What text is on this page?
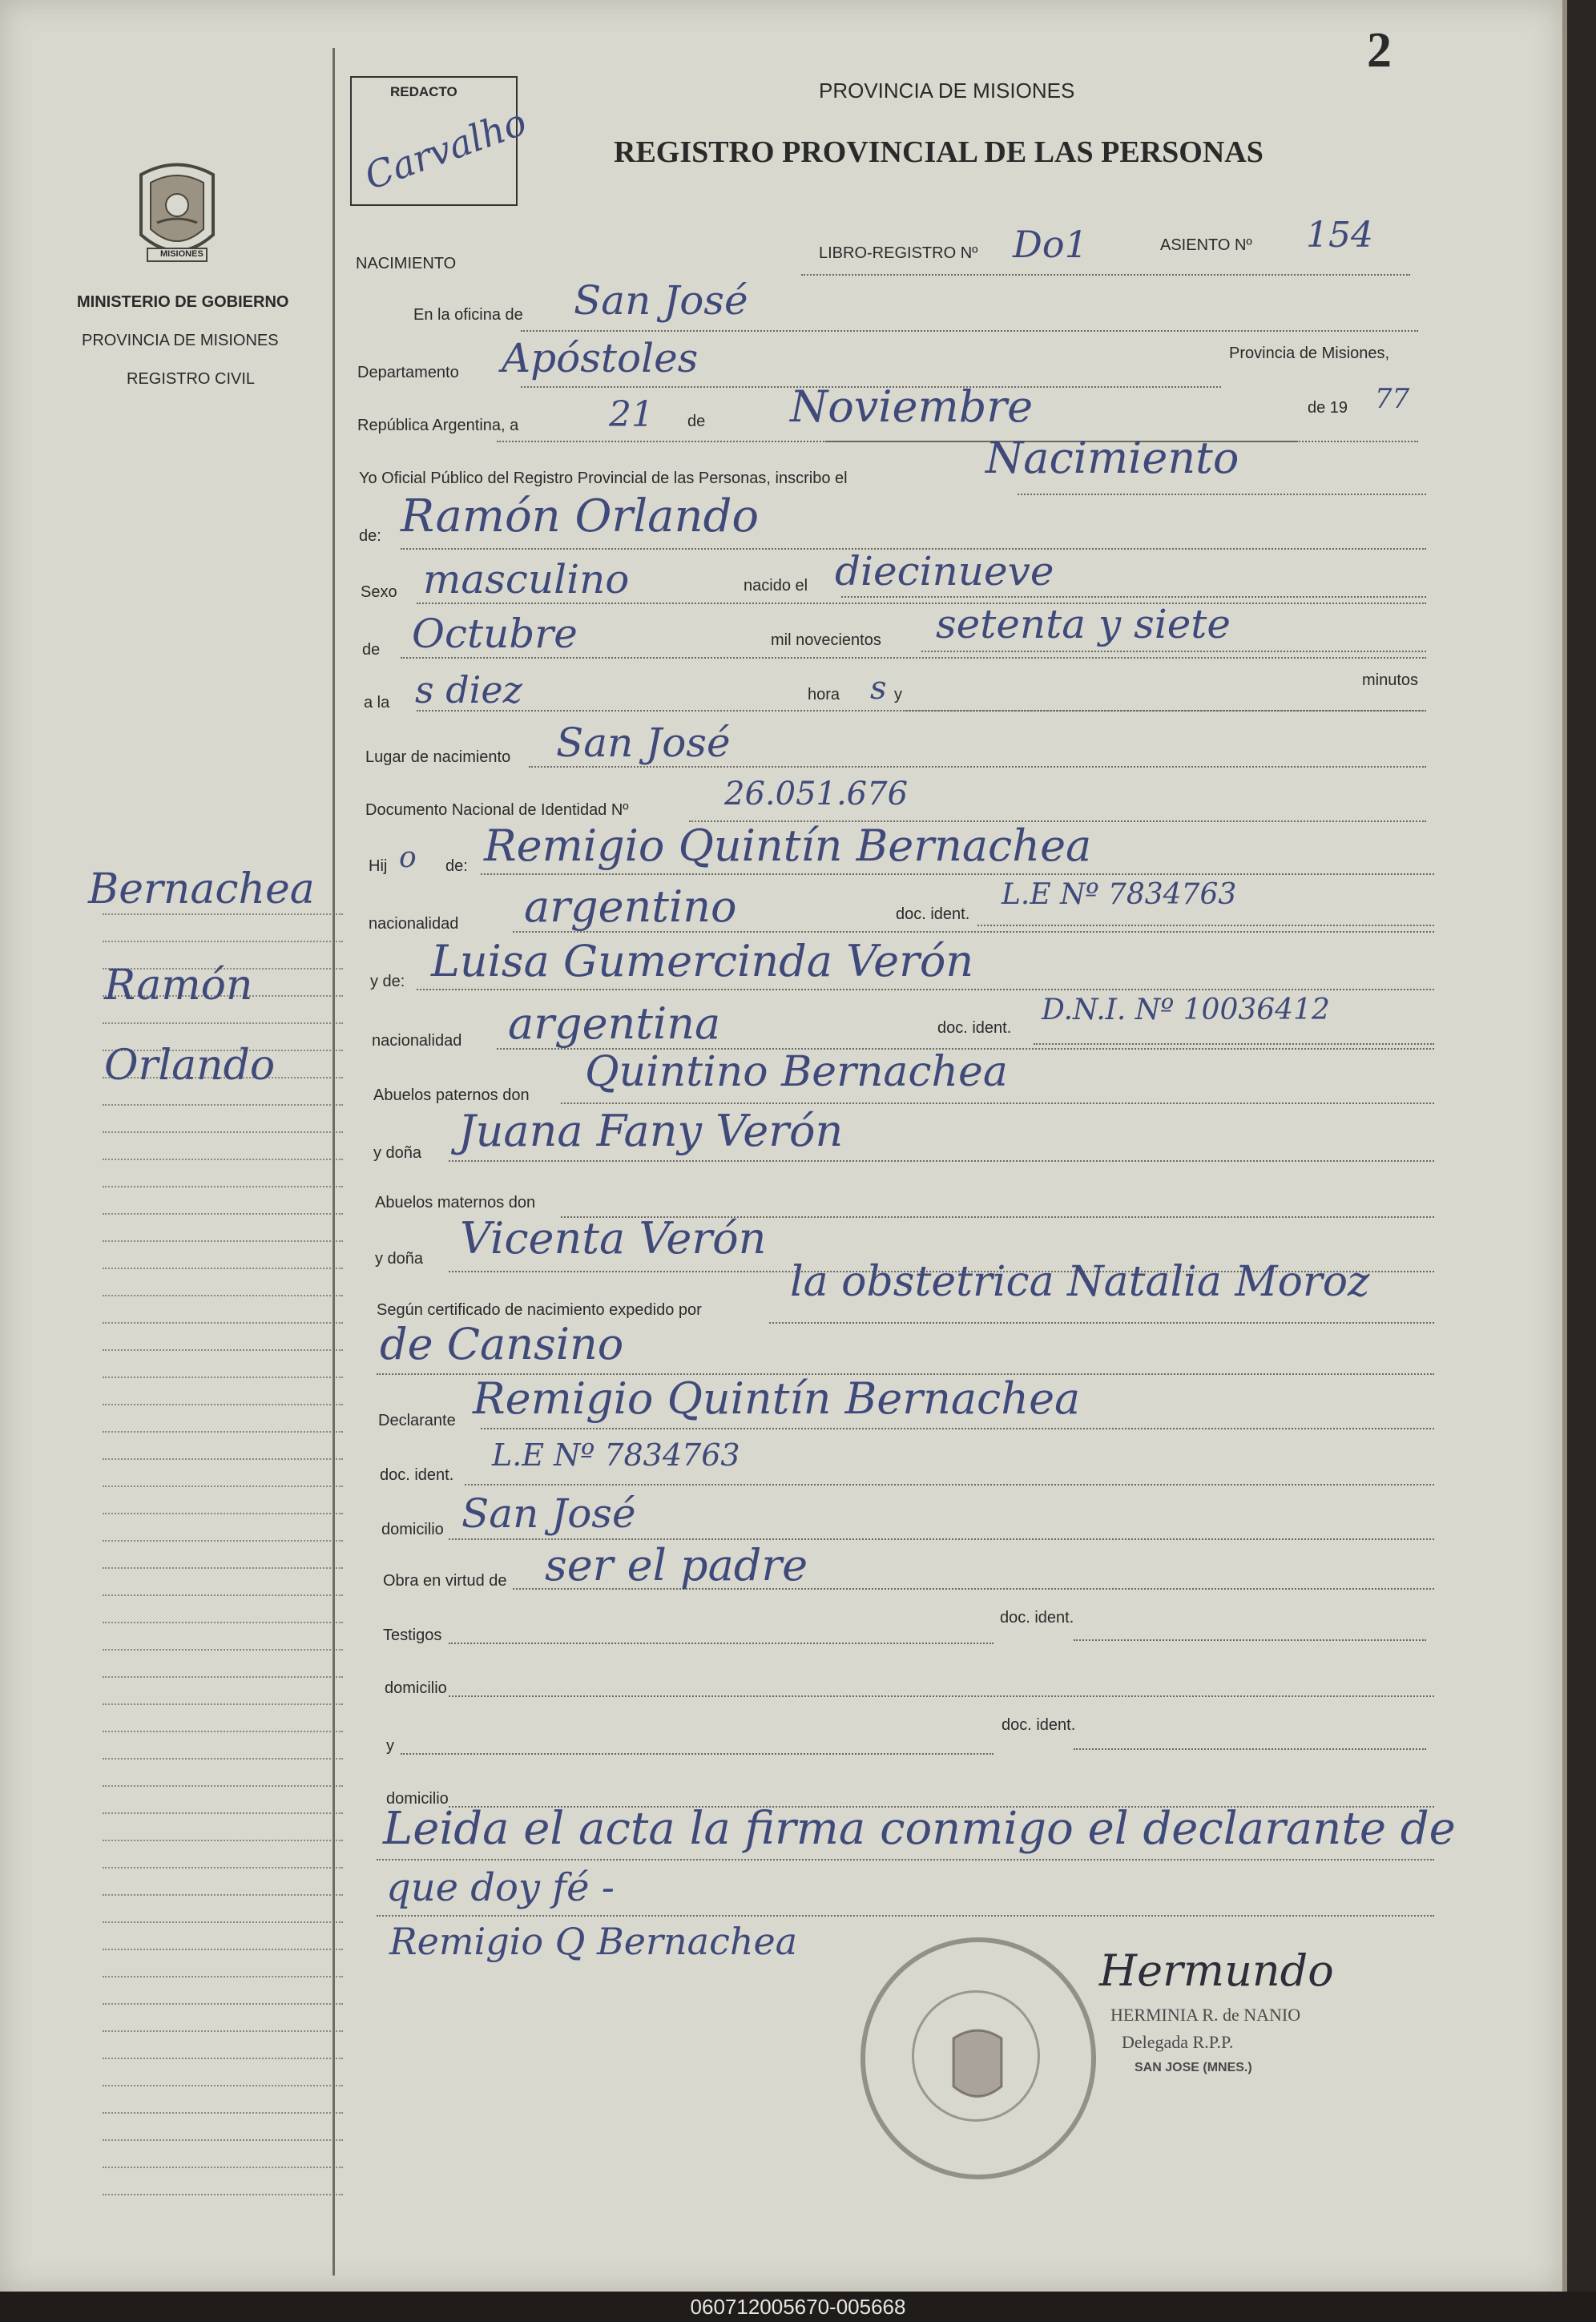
MISIONES
MINISTERIO DE GOBIERNO
PROVINCIA DE MISIONES
REGISTRO CIVIL
Bernachea
Ramón
Orlando
REDACTO
Carvalho
2
PROVINCIA DE MISIONES
REGISTRO PROVINCIAL DE LAS PERSONAS
NACIMIENTO
LIBRO-REGISTRO Nº Do1	ASIENTO Nº 154
En la oficina de San José
Departamento Apóstoles	Provincia de Misiones,
República Argentina, a	21 de Noviembre	de 19 77
Yo Oficial Público del Registro Provincial de las Personas, inscribo el	Nacimiento
de: Ramón Orlando
Sexo masculino	nacido el diecinueve
de Octubre	mil novecientos setenta y siete
a la s diez	hora s y
minutos
Lugar de nacimiento San José
Documento Nacional de Identidad Nº	26.051.676
Hij o de: Remigio Quintín Bernachea
nacionalidad argentino	doc. ident.
L.E Nº 7834763
y de: Luisa Gumercinda Verón
nacionalidad argentina	doc. ident.
D.N.I. Nº 10036412
Abuelos paternos don Quintino Bernachea
y doña Juana Fany Verón
Abuelos maternos don
y doña Vicenta Verón
Según certificado de nacimiento expedido por
la obstetrica Natalia Moroz
de Cansino
Declarante Remigio Quintín Bernachea
doc. ident.
L.E Nº 7834763
domicilio San José
Obra en virtud de ser el padre
Testigos
doc. ident.
domicilio
y
doc. ident.
domicilio
Leida el acta la firma conmigo el declarante de
que doy fé -
Remigio Q Bernachea
Hermundo
HERMINIA R. de NANIO
Delegada R.P.P.
SAN JOSE (MNES.)
060712005670-005668
